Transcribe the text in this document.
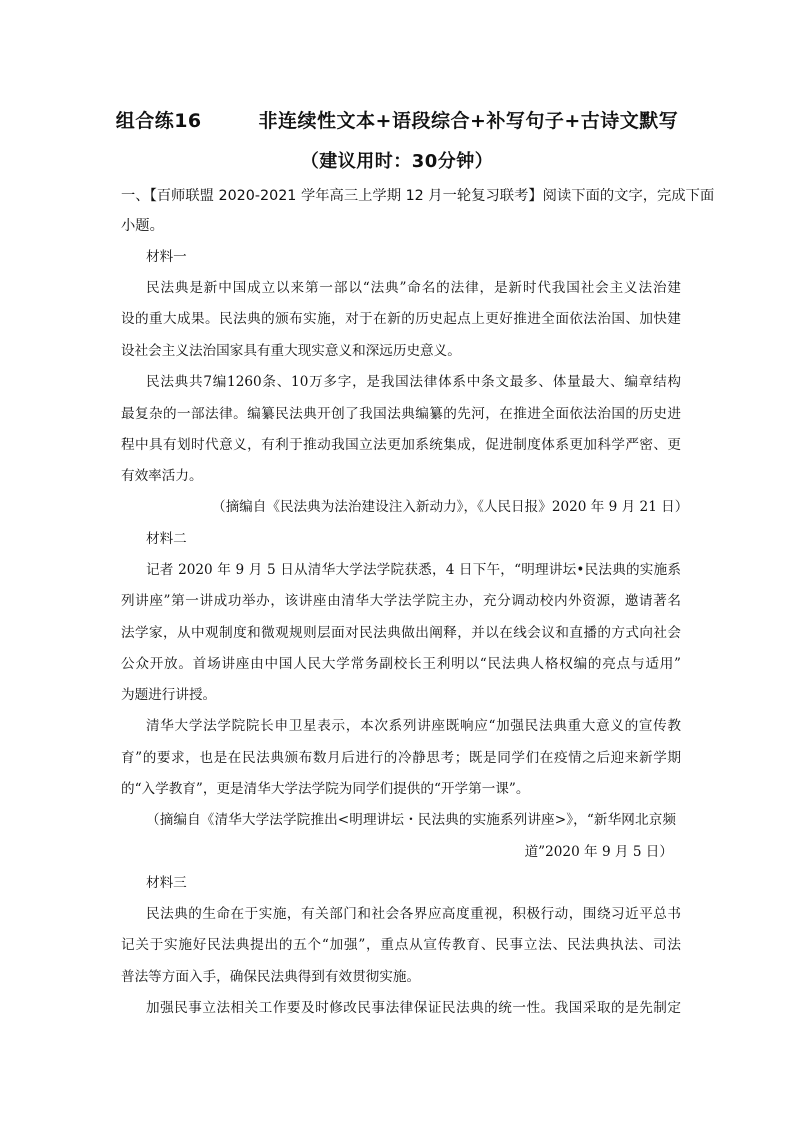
组合练16        非连续性文本+语段综合+补写句子+古诗文默写
（建议用时：30分钟）
一、【百师联盟 2020-2021 学年高三上学期 12 月一轮复习联考】阅读下面的文字，完成下面
小题。
材料一
民法典是新中国成立以来第一部以“法典”命名的法律，是新时代我国社会主义法治建
设的重大成果。民法典的颁布实施，对于在新的历史起点上更好推进全面依法治国、加快建
设社会主义法治国家具有重大现实意义和深远历史意义。
民法典共7编1260条、10万多字，是我国法律体系中条文最多、体量最大、编章结构
最复杂的一部法律。编纂民法典开创了我国法典编纂的先河，在推进全面依法治国的历史进
程中具有划时代意义，有利于推动我国立法更加系统集成，促进制度体系更加科学严密、更
有效率活力。
（摘编自《民法典为法治建设注入新动力》，《人民日报》2020 年 9 月 21 日）
材料二
记者 2020 年 9 月 5 日从清华大学法学院获悉，4 日下午，“明理讲坛•民法典的实施系
列讲座”第一讲成功举办，该讲座由清华大学法学院主办，充分调动校内外资源，邀请著名
法学家，从中观制度和微观规则层面对民法典做出阐释，并以在线会议和直播的方式向社会
公众开放。首场讲座由中国人民大学常务副校长王利明以“民法典人格权编的亮点与适用”
为题进行讲授。
清华大学法学院院长申卫星表示，本次系列讲座既响应“加强民法典重大意义的宣传教
育”的要求，也是在民法典颁布数月后进行的冷静思考；既是同学们在疫情之后迎来新学期
的“入学教育”，更是清华大学法学院为同学们提供的“开学第一课”。
（摘编自《清华大学法学院推出<明理讲坛・民法典的实施系列讲座>》，“新华网北京频
道”2020 年 9 月 5 日）
材料三
民法典的生命在于实施，有关部门和社会各界应高度重视，积极行动，围绕习近平总书
记关于实施好民法典提出的五个“加强”，重点从宣传教育、民事立法、民法典执法、司法
普法等方面入手，确保民法典得到有效贯彻实施。
加强民事立法相关工作要及时修改民事法律保证民法典的统一性。我国采取的是先制定
